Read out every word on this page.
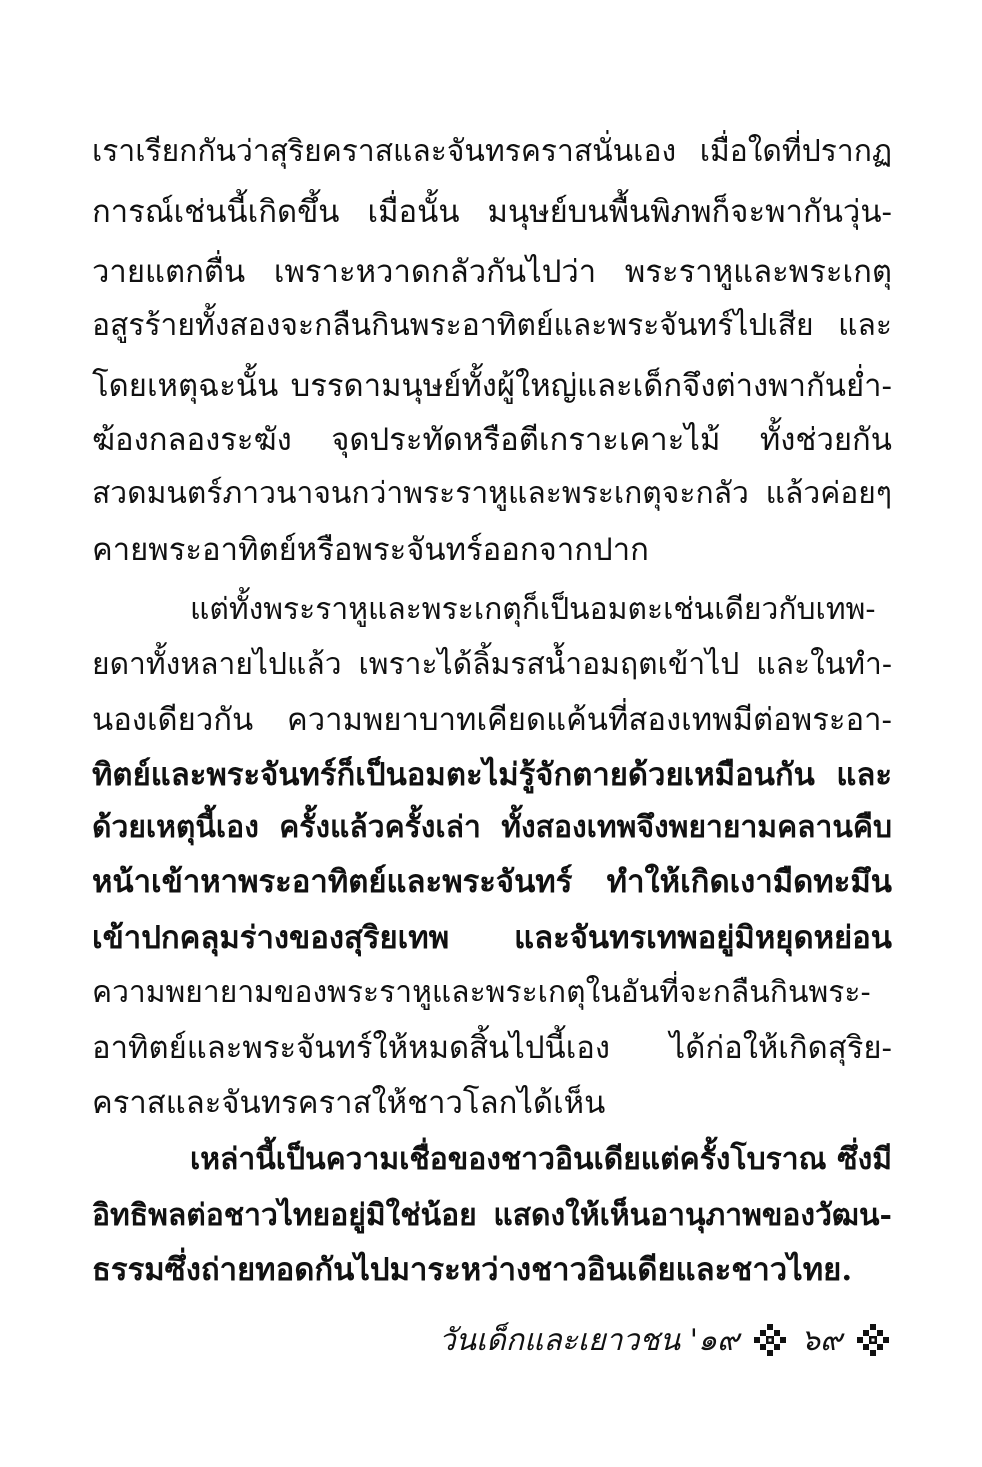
เราเรียกกันว่าสุริยคราสและจันทรคราสนั่นเอง เมื่อใดที่ปรากฏ
การณ์เช่นนี้เกิดขึ้น เมื่อนั้น มนุษย์บนพื้นพิภพก็จะพากันวุ่น-
วายแตกตื่น เพราะหวาดกลัวกันไปว่า พระราหูและพระเกตุ
อสูรร้ายทั้งสองจะกลืนกินพระอาทิตย์และพระจันทร์ไปเสีย และ
โดยเหตุฉะนั้น บรรดามนุษย์ทั้งผู้ใหญ่และเด็กจึงต่างพากันย่ำ-
ฆ้องกลองระฆัง จุดประทัดหรือตีเกราะเคาะไม้ ทั้งช่วยกัน
สวดมนตร์ภาวนาจนกว่าพระราหูและพระเกตุจะกลัว แล้วค่อยๆ
คายพระอาทิตย์หรือพระจันทร์ออกจากปาก
แต่ทั้งพระราหูและพระเกตุก็เป็นอมตะเช่นเดียวกับเทพ-
ยดาทั้งหลายไปแล้ว เพราะได้ลิ้มรสน้ำอมฤตเข้าไป และในทำ-
นองเดียวกัน ความพยาบาทเคียดแค้นที่สองเทพมีต่อพระอา-
ทิตย์และพระจันทร์ก็เป็นอมตะไม่รู้จักตายด้วยเหมือนกัน และ
ด้วยเหตุนี้เอง ครั้งแล้วครั้งเล่า ทั้งสองเทพจึงพยายามคลานคืบ
หน้าเข้าหาพระอาทิตย์และพระจันทร์ ทำให้เกิดเงามืดทะมึน
เข้าปกคลุมร่างของสุริยเทพ และจันทรเทพอยู่มิหยุดหย่อน
ความพยายามของพระราหูและพระเกตุในอันที่จะกลืนกินพระ-
อาทิตย์และพระจันทร์ให้หมดสิ้นไปนี้เอง ได้ก่อให้เกิดสุริย-
คราสและจันทรคราสให้ชาวโลกได้เห็น
เหล่านี้เป็นความเชื่อของชาวอินเดียแต่ครั้งโบราณ ซึ่งมี
อิทธิพลต่อชาวไทยอยู่มิใช่น้อย แสดงให้เห็นอานุภาพของวัฒน-
ธรรมซึ่งถ่ายทอดกันไปมาระหว่างชาวอินเดียและชาวไทย.
วันเด็กและเยาวชน '๑๙ ๖๙
